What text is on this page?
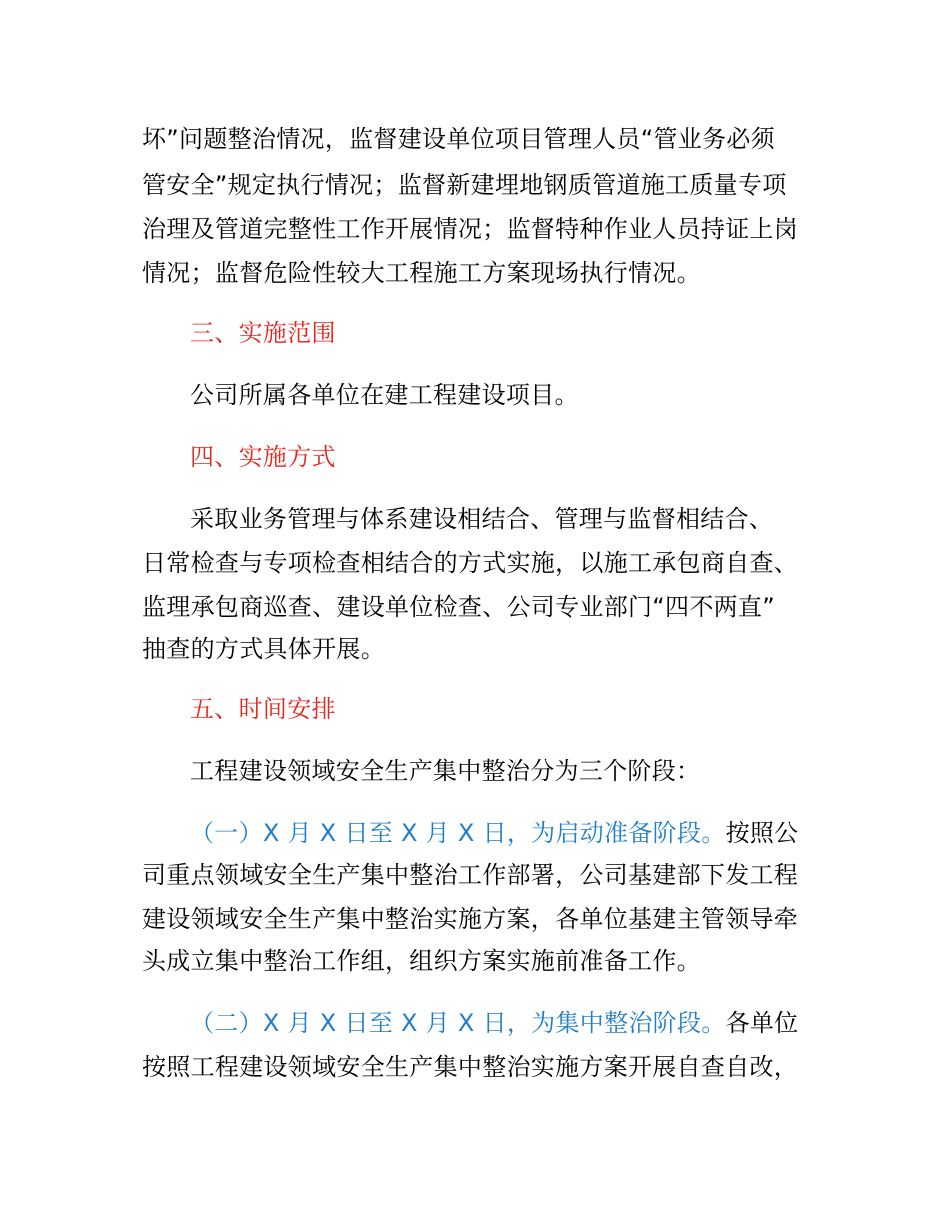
坏”问题整治情况，监督建设单位项目管理人员“管业务必须
管安全”规定执行情况；监督新建埋地钢质管道施工质量专项
治理及管道完整性工作开展情况；监督特种作业人员持证上岗
情况；监督危险性较大工程施工方案现场执行情况。
三、实施范围
公司所属各单位在建工程建设项目。
四、实施方式
采取业务管理与体系建设相结合、管理与监督相结合、
日常检查与专项检查相结合的方式实施，以施工承包商自查、
监理承包商巡查、建设单位检查、公司专业部门“四不两直”
抽查的方式具体开展。
五、时间安排
工程建设领域安全生产集中整治分为三个阶段：
（一）X 月 X 日至 X 月 X 日，为启动准备阶段。按照公
司重点领域安全生产集中整治工作部署，公司基建部下发工程
建设领域安全生产集中整治实施方案，各单位基建主管领导牵
头成立集中整治工作组，组织方案实施前准备工作。
（二）X 月 X 日至 X 月 X 日，为集中整治阶段。各单位
按照工程建设领域安全生产集中整治实施方案开展自查自改，
